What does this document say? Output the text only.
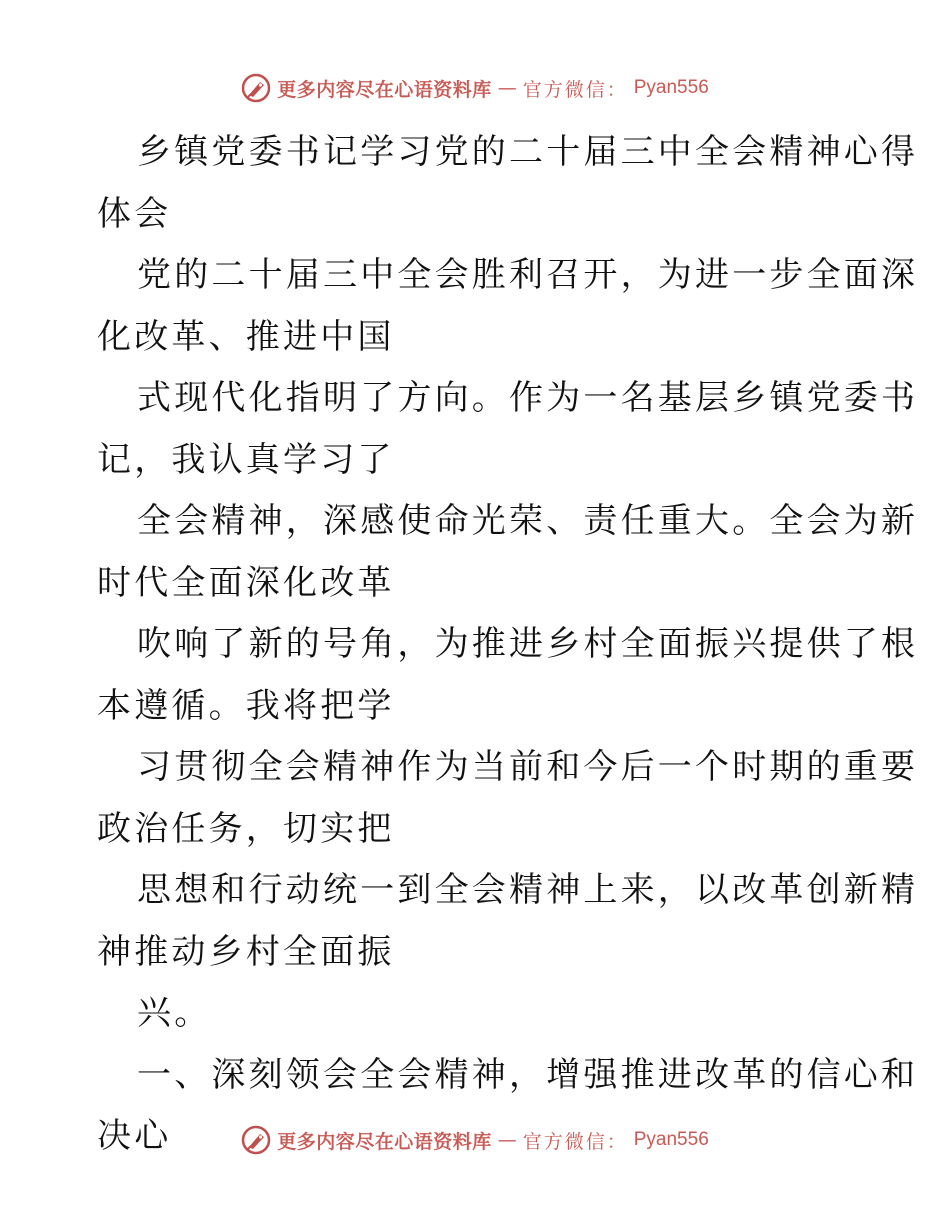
更多内容尽在心语资料库 — 官方微信： Pyan556
乡镇党委书记学习党的二十届三中全会精神心得
体会
党的二十届三中全会胜利召开，为进一步全面深
化改革、推进中国
式现代化指明了方向。作为一名基层乡镇党委书
记，我认真学习了
全会精神，深感使命光荣、责任重大。全会为新
时代全面深化改革
吹响了新的号角，为推进乡村全面振兴提供了根
本遵循。我将把学
习贯彻全会精神作为当前和今后一个时期的重要
政治任务，切实把
思想和行动统一到全会精神上来，以改革创新精
神推动乡村全面振
兴。
一、深刻领会全会精神，增强推进改革的信心和
决心	更多内容尽在心语资料库 — 官方微信： Pyan556
